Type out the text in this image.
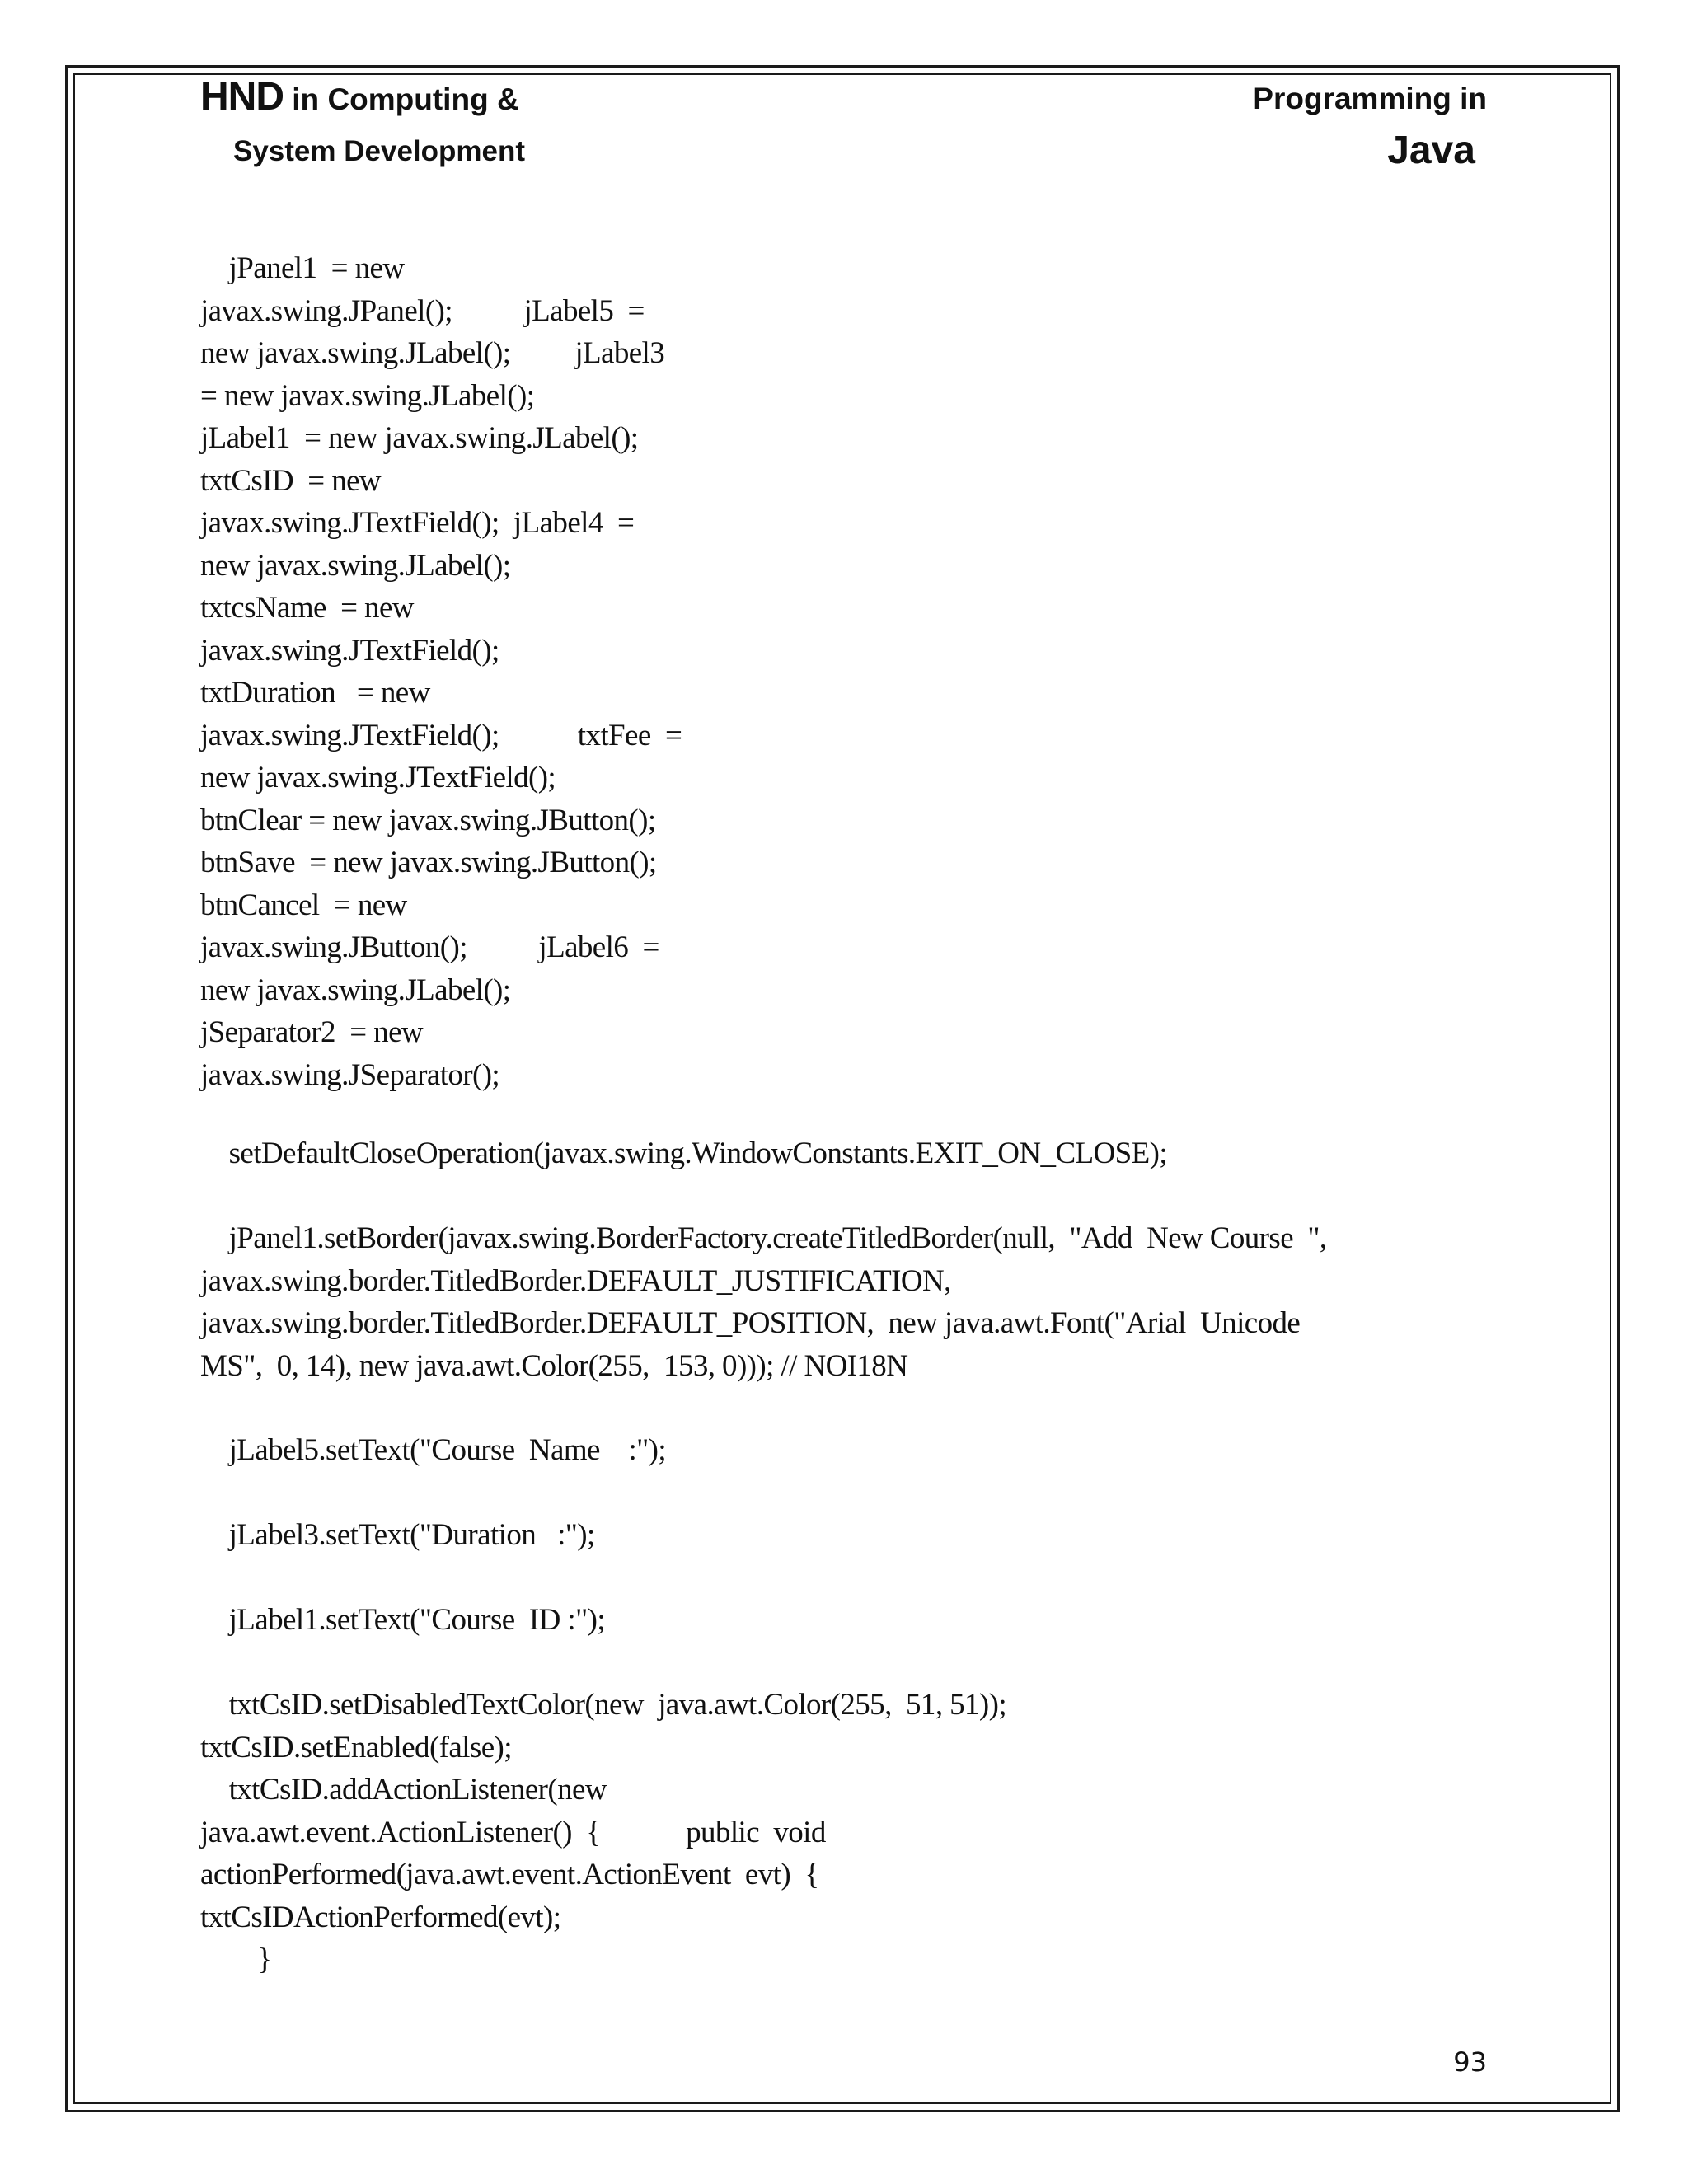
HND in Computing &
System Development
Programming in
Java
jPanel1  = new
javax.swing.JPanel();          jLabel5  =
new javax.swing.JLabel();         jLabel3
= new javax.swing.JLabel();
jLabel1  = new javax.swing.JLabel();
txtCsID  = new
javax.swing.JTextField();  jLabel4  =
new javax.swing.JLabel();
txtcsName  = new
javax.swing.JTextField();
txtDuration   = new
javax.swing.JTextField();           txtFee  =
new javax.swing.JTextField();
btnClear = new javax.swing.JButton();
btnSave  = new javax.swing.JButton();
btnCancel  = new
javax.swing.JButton();          jLabel6  =
new javax.swing.JLabel();
jSeparator2  = new
javax.swing.JSeparator();
setDefaultCloseOperation(javax.swing.WindowConstants.EXIT_ON_CLOSE);
jPanel1.setBorder(javax.swing.BorderFactory.createTitledBorder(null,  "Add  New Course  ",
javax.swing.border.TitledBorder.DEFAULT_JUSTIFICATION,
javax.swing.border.TitledBorder.DEFAULT_POSITION,  new java.awt.Font("Arial  Unicode
MS",  0, 14), new java.awt.Color(255,  153, 0))); // NOI18N
jLabel5.setText("Course  Name    :");
jLabel3.setText("Duration   :");
jLabel1.setText("Course  ID :");
txtCsID.setDisabledTextColor(new  java.awt.Color(255,  51, 51));
txtCsID.setEnabled(false);
txtCsID.addActionListener(new
java.awt.event.ActionListener()  {            public  void
actionPerformed(java.awt.event.ActionEvent  evt)  {
txtCsIDActionPerformed(evt);
}
93
